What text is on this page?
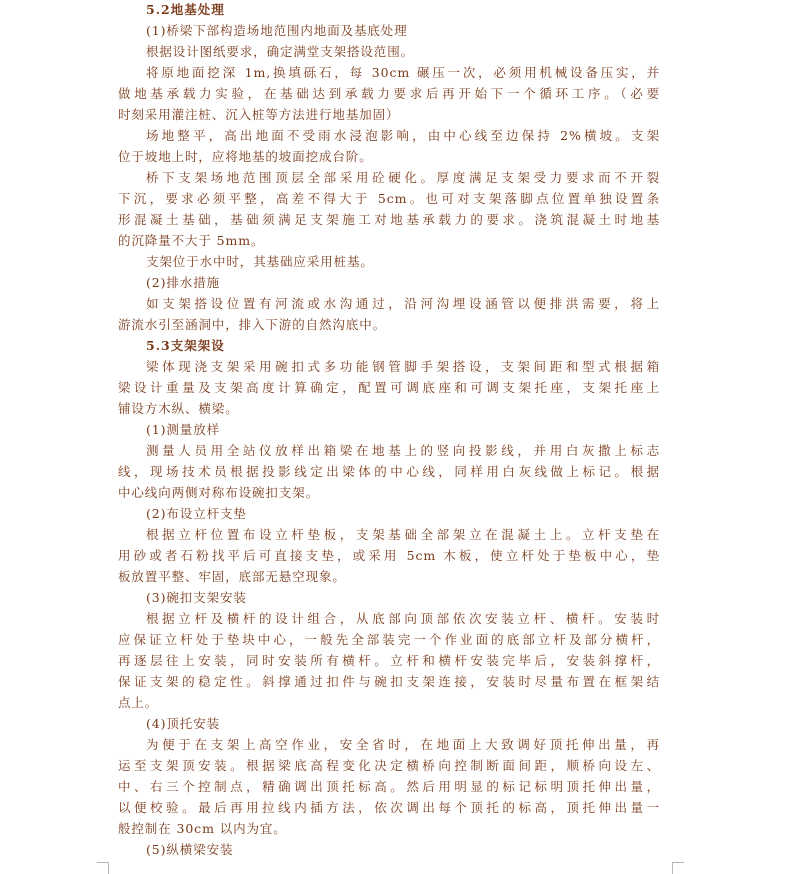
5.2地基处理
(1)桥梁下部构造场地范围内地面及基底处理
根据设计图纸要求，确定满堂支架搭设范围。
将原地面挖深 1m,换填砾石，每 30cm 碾压一次，必须用机械设备压实，并
做地基承载力实验，在基础达到承载力要求后再开始下一个循环工序。（必要
时刻采用灌注桩、沉入桩等方法进行地基加固）
场地整平，高出地面不受雨水浸泡影响，由中心线至边保持 2%横坡。支架
位于坡地上时，应将地基的坡面挖成台阶。
桥下支架场地范围顶层全部采用砼硬化。厚度满足支架受力要求而不开裂
下沉，要求必须平整，高差不得大于 5cm。也可对支架落脚点位置单独设置条
形混凝土基础，基础须满足支架施工对地基承载力的要求。浇筑混凝土时地基
的沉降量不大于 5mm。
支架位于水中时，其基础应采用桩基。
(2)排水措施
如支架搭设位置有河流或水沟通过，沿河沟埋设涵管以便排洪需要，将上
游流水引至涵洞中，排入下游的自然沟底中。
5.3支架架设
梁体现浇支架采用碗扣式多功能钢管脚手架搭设，支架间距和型式根据箱
梁设计重量及支架高度计算确定，配置可调底座和可调支架托座，支架托座上
铺设方木纵、横梁。
(1)测量放样
测量人员用全站仪放样出箱梁在地基上的竖向投影线，并用白灰撒上标志
线，现场技术员根据投影线定出梁体的中心线，同样用白灰线做上标记。根据
中心线向两侧对称布设碗扣支架。
(2)布设立杆支垫
根据立杆位置布设立杆垫板，支架基础全部架立在混凝土上。立杆支垫在
用砂或者石粉找平后可直接支垫，或采用 5cm 木板，使立杆处于垫板中心，垫
板放置平整、牢固，底部无悬空现象。
(3)碗扣支架安装
根据立杆及横杆的设计组合，从底部向顶部依次安装立杆、横杆。安装时
应保证立杆处于垫块中心，一般先全部装完一个作业面的底部立杆及部分横杆，
再逐层往上安装，同时安装所有横杆。立杆和横杆安装完毕后，安装斜撑杆，
保证支架的稳定性。斜撑通过扣件与碗扣支架连接，安装时尽量布置在框架结
点上。
(4)顶托安装
为便于在支架上高空作业，安全省时，在地面上大致调好顶托伸出量，再
运至支架顶安装。根据梁底高程变化决定横桥向控制断面间距，顺桥向设左、
中、右三个控制点，精确调出顶托标高。然后用明显的标记标明顶托伸出量，
以便校验。最后再用拉线内插方法，依次调出每个顶托的标高，顶托伸出量一
般控制在 30cm 以内为宜。
(5)纵横梁安装
